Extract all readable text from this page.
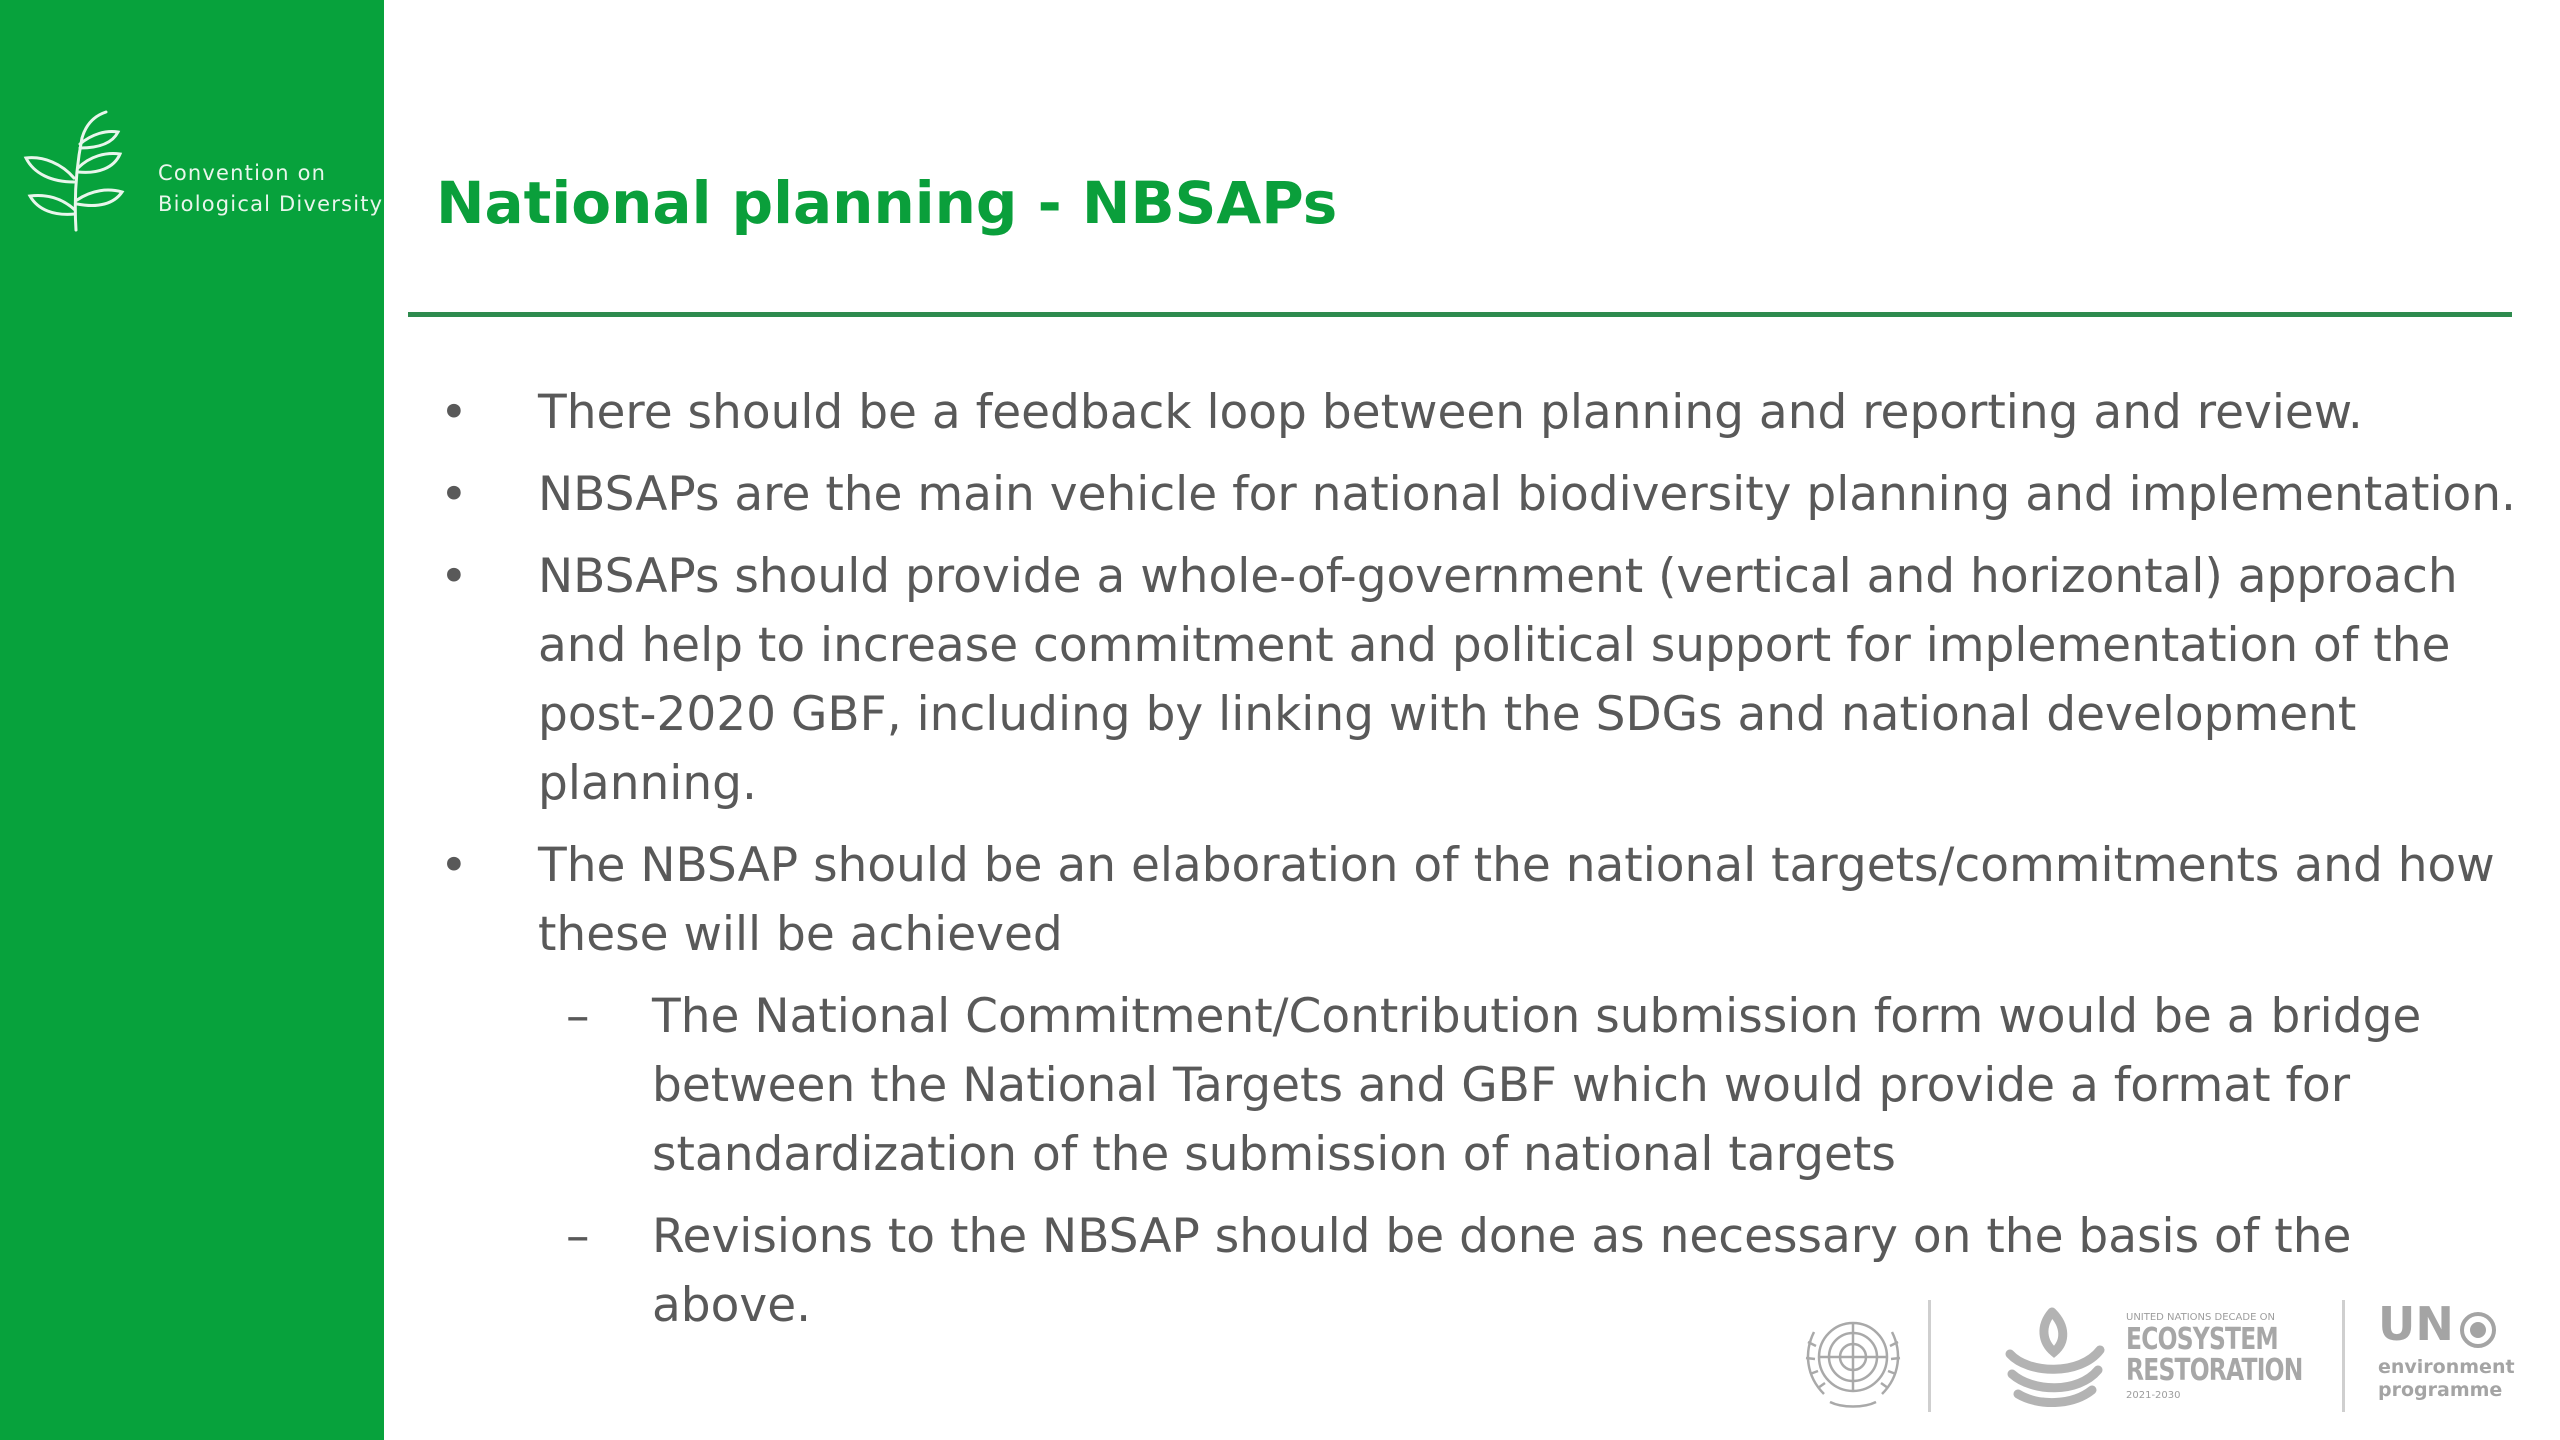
Convention on
Biological Diversity National planning - NBSAPs
• There should be a feedback loop between planning and reporting and review.
• NBSAPs are the main vehicle for national biodiversity planning and implementation.
• NBSAPs should provide a whole-of-government (vertical and horizontal) approach and help to increase commitment and political support for implementation of the post-2020 GBF, including by linking with the SDGs and national development planning.
• The NBSAP should be an elaboration of the national targets/commitments and how these will be achieved
– The National Commitment/Contribution submission form would be a bridge between the National Targets and GBF which would provide a format for standardization of the submission of national targets
– Revisions to the NBSAP should be done as necessary on the basis of the above.	UNITED NATIONS DECADE ON
ECOSYSTEM
RESTORATION
2021-2030
UN
environment
programme
